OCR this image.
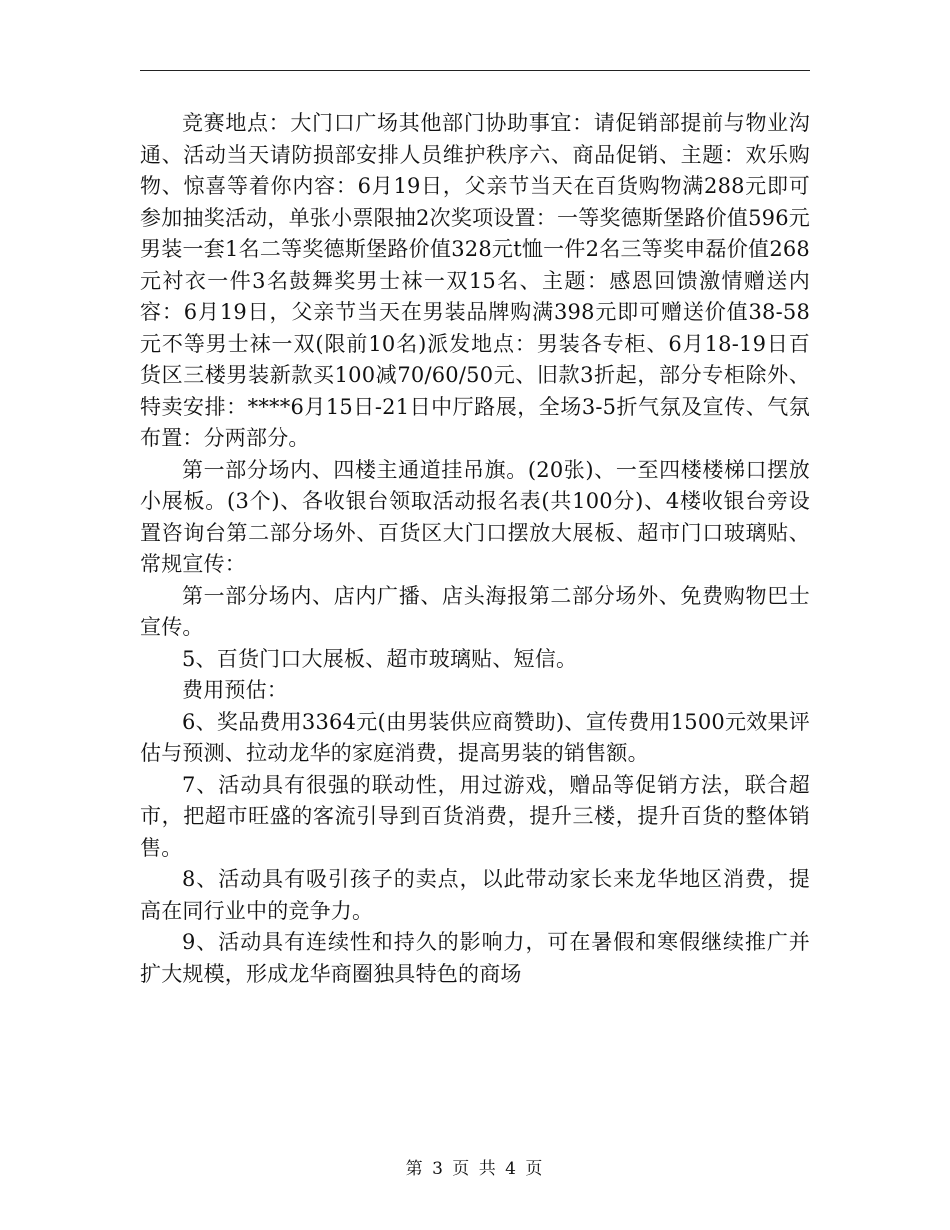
竞赛地点：大门口广场其他部门协助事宜：请促销部提前与物业沟通、活动当天请防损部安排人员维护秩序六、商品促销、主题：欢乐购物、惊喜等着你内容：6月19日，父亲节当天在百货购物满288元即可参加抽奖活动，单张小票限抽2次奖项设置：一等奖德斯堡路价值596元男装一套1名二等奖德斯堡路价值328元t恤一件2名三等奖申磊价值268元衬衣一件3名鼓舞奖男士袜一双15名、主题：感恩回馈激情赠送内容：6月19日，父亲节当天在男装品牌购满398元即可赠送价值38-58元不等男士袜一双(限前10名)派发地点：男装各专柜、6月18-19日百货区三楼男装新款买100减70/60/50元、旧款3折起，部分专柜除外、特卖安排：****6月15日-21日中厅路展，全场3-5折气氛及宣传、气氛布置：分两部分。

第一部分场内、四楼主通道挂吊旗。(20张)、一至四楼楼梯口摆放小展板。(3个)、各收银台领取活动报名表(共100分)、4楼收银台旁设置咨询台第二部分场外、百货区大门口摆放大展板、超市门口玻璃贴、常规宣传：

第一部分场内、店内广播、店头海报第二部分场外、免费购物巴士宣传。

5、百货门口大展板、超市玻璃贴、短信。

费用预估：

6、奖品费用3364元(由男装供应商赞助)、宣传费用1500元效果评估与预测、拉动龙华的家庭消费，提高男装的销售额。

7、活动具有很强的联动性，用过游戏，赠品等促销方法，联合超市，把超市旺盛的客流引导到百货消费，提升三楼，提升百货的整体销售。

8、活动具有吸引孩子的卖点，以此带动家长来龙华地区消费，提高在同行业中的竞争力。

9、活动具有连续性和持久的影响力，可在暑假和寒假继续推广并扩大规模，形成龙华商圈独具特色的商场

第 3 页 共 4 页
